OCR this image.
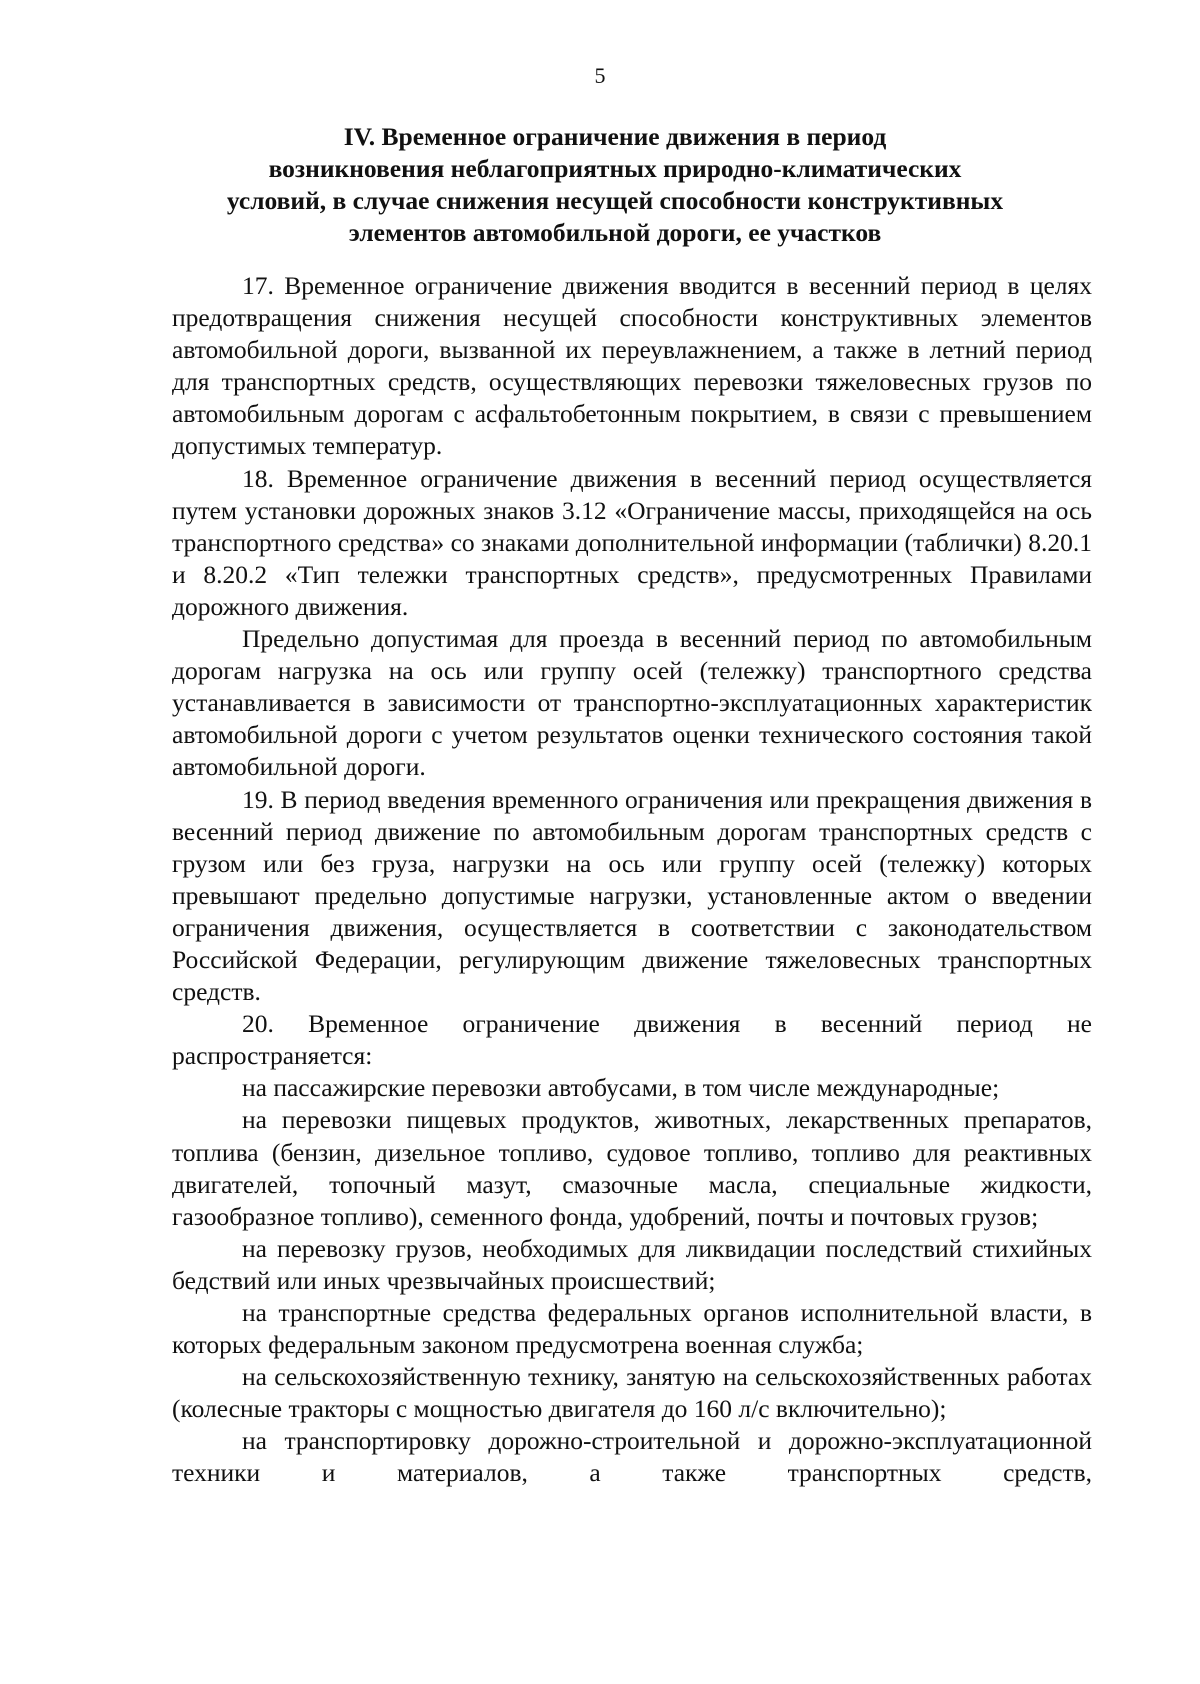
5
IV. Временное ограничение движения в период
возникновения неблагоприятных природно-климатических
условий, в случае снижения несущей способности конструктивных
элементов автомобильной дороги, ее участков

17. Временное ограничение движения вводится в весенний период в целях предотвращения снижения несущей способности конструктивных элементов автомобильной дороги, вызванной их переувлажнением, а также в летний период для транспортных средств, осуществляющих перевозки тяжеловесных грузов по автомобильным дорогам с асфальтобетонным покрытием, в связи с превышением допустимых температур.

18. Временное ограничение движения в весенний период осуществляется путем установки дорожных знаков 3.12 «Ограничение массы, приходящейся на ось транспортного средства» со знаками дополнительной информации (таблички) 8.20.1 и 8.20.2 «Тип тележки транспортных средств», предусмотренных Правилами дорожного движения.

Предельно допустимая для проезда в весенний период по автомобильным дорогам нагрузка на ось или группу осей (тележку) транспортного средства устанавливается в зависимости от транспортно-эксплуатационных характеристик автомобильной дороги с учетом результатов оценки технического состояния такой автомобильной дороги.

19. В период введения временного ограничения или прекращения движения в весенний период движение по автомобильным дорогам транспортных средств с грузом или без груза, нагрузки на ось или группу осей (тележку) которых превышают предельно допустимые нагрузки, установленные актом о введении ограничения движения, осуществляется в соответствии с законодательством Российской Федерации, регулирующим движение тяжеловесных транспортных средств.

20. Временное ограничение движения в весенний период не распространяется:

на пассажирские перевозки автобусами, в том числе международные;

на перевозки пищевых продуктов, животных, лекарственных препаратов, топлива (бензин, дизельное топливо, судовое топливо, топливо для реактивных двигателей, топочный мазут, смазочные масла, специальные жидкости, газообразное топливо), семенного фонда, удобрений, почты и почтовых грузов;

на перевозку грузов, необходимых для ликвидации последствий стихийных бедствий или иных чрезвычайных происшествий;

на транспортные средства федеральных органов исполнительной власти, в которых федеральным законом предусмотрена военная служба;

на сельскохозяйственную технику, занятую на сельскохозяйственных работах (колесные тракторы с мощностью двигателя до 160 л/с включительно);

на транспортировку дорожно-строительной и дорожно-эксплуатационной техники и материалов, а также транспортных средств,
